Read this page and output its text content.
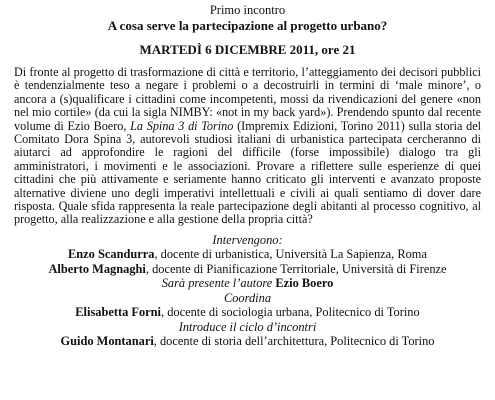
Primo incontro
A cosa serve la partecipazione al progetto urbano?
MARTEDÌ 6 DICEMBRE 2011, ore 21
Di fronte al progetto di trasformazione di città e territorio, l’atteggiamento dei decisori pubblici è tendenzialmente teso a negare i problemi o a decostruirli in termini di ‘male minore’, o ancora a (s)qualificare i cittadini come incompetenti, mossi da rivendicazioni del genere «non nel mio cortile» (da cui la sigla NIMBY: «not in my back yard»). Prendendo spunto dal recente volume di Ezio Boero, La Spina 3 di Torino (Impremix Edizioni, Torino 2011) sulla storia del Comitato Dora Spina 3, autorevoli studiosi italiani di urbanistica partecipata cercheranno di aiutarci ad approfondire le ragioni del difficile (forse impossibile) dialogo tra gli amministratori, i movimenti e le associazioni. Provare a riflettere sulle esperienze di quei cittadini che più attivamente e seriamente hanno criticato gli interventi e avanzato proposte alternative diviene uno degli imperativi intellettuali e civili ai quali sentiamo di dover dare risposta. Quale sfida rappresenta la reale partecipazione degli abitanti al processo cognitivo, al progetto, alla realizzazione e alla gestione della propria città?
Intervengono:
Enzo Scandurra, docente di urbanistica, Università La Sapienza, Roma
Alberto Magnaghi, docente di Pianificazione Territoriale, Università di Firenze
Sarà presente l’autore Ezio Boero
Coordina
Elisabetta Forni, docente di sociologia urbana, Politecnico di Torino
Introduce il ciclo d’incontri
Guido Montanari, docente di storia dell’architettura, Politecnico di Torino
